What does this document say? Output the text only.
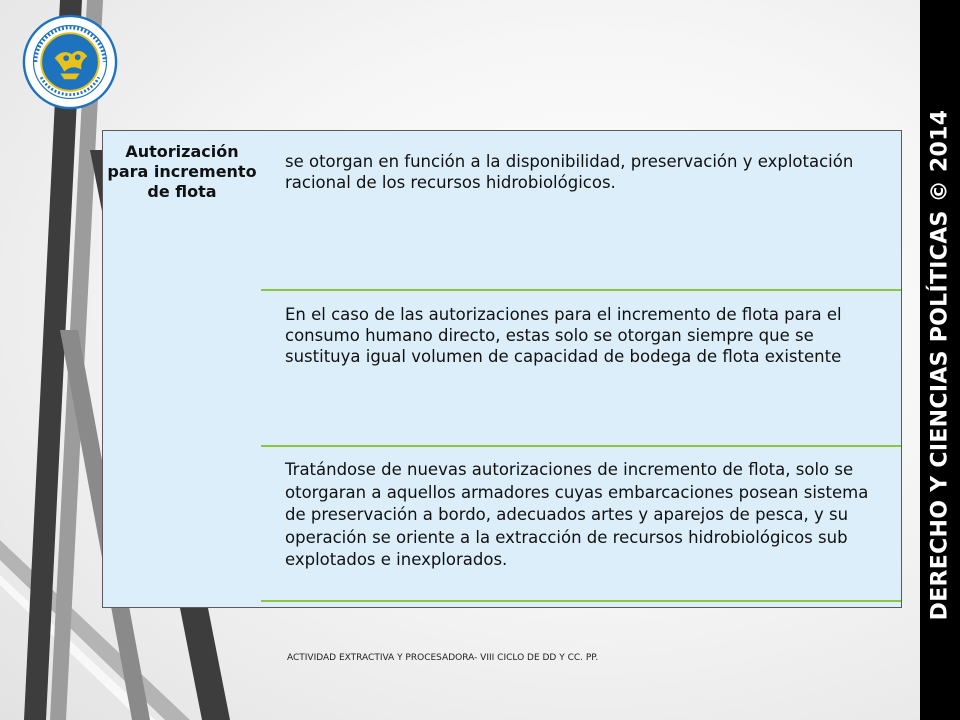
DERECHO Y CIENCIAS POLÍTICAS © 2014
Autorización para incremento de flota
se otorgan en función a la disponibilidad, preservación y explotación racional de los recursos hidrobiológicos.
En el caso de las autorizaciones para el incremento de flota para el consumo humano directo, estas solo se otorgan siempre que se sustituya igual volumen de capacidad de bodega de flota existente
Tratándose de nuevas autorizaciones de incremento de flota, solo se otorgaran a aquellos armadores cuyas embarcaciones posean sistema de preservación a bordo, adecuados artes y aparejos de pesca, y su operación se oriente a la extracción de recursos hidrobiológicos sub explotados e inexplorados.
ACTIVIDAD EXTRACTIVA Y PROCESADORA- VIII CICLO DE DD Y CC. PP.
